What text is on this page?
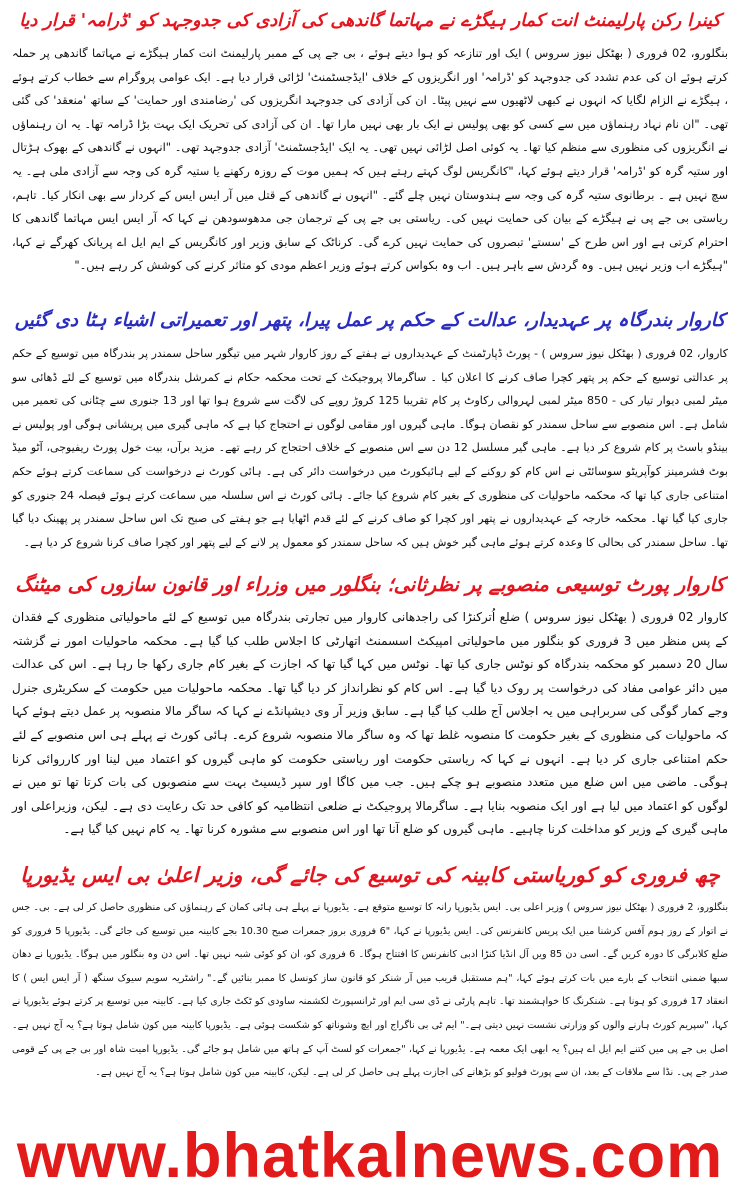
کینرا رکن پارلیمنٹ انت کمار ہیگڑے نے مہاتما گاندھی کی آزادی کی جدوجہد کو 'ڈرامہ' قرار دیا

بنگلورو، 02 فروری ( بھٹکل نیوز سروس ) ایک اور تنازعہ کو ہوا دیتے ہوئے ، بی جے پی کے ممبر پارلیمنٹ انت کمار ہیگڑے نے مہاتما گاندھی پر حملہ کرتے ہوئے ان کی عدم تشدد کی جدوجہد کو 'ڈرامہ' اور انگریزوں کے خلاف 'ایڈجسٹمنٹ' لڑائی قرار دیا ہے۔ ایک عوامی پروگرام سے خطاب کرتے ہوئے ، ہیگڑے نے الزام لگایا کہ انہوں نے کبھی لاٹھیوں سے نہیں پیٹا۔ ان کی آزادی کی جدوجہد انگریزوں کی 'رضامندی اور حمایت' کے ساتھ 'منعقد' کی گئی تھی۔ "ان نام نہاد رہنماؤں میں سے کسی کو بھی پولیس نے ایک بار بھی نہیں مارا تھا۔ ان کی آزادی کی تحریک ایک بہت بڑا ڈرامہ تھا۔ یہ ان رہنماؤں نے انگریزوں کی منظوری سے منظم کیا تھا۔ یہ کوئی اصل لڑائی نہیں تھی۔ یہ ایک 'ایڈجسٹمنٹ' آزادی جدوجہد تھی۔ "انہوں نے گاندھی کے بھوک ہڑتال اور ستیہ گرہ کو 'ڈرامہ' قرار دیتے ہوئے کہا، "کانگریس لوگ کہتے رہتے ہیں کہ ہمیں موت کے روزہ رکھنے یا ستیہ گرہ کی وجہ سے آزادی ملی ہے۔ یہ سچ نہیں ہے ۔ برطانوی ستیہ گرہ کی وجہ سے ہندوستان نہیں چلے گئے۔ "انہوں نے گاندھی کے قتل میں آر ایس ایس کے کردار سے بھی انکار کیا۔ تاہم، ریاستی بی جے پی نے ہیگڑے کے بیان کی حمایت نہیں کی۔ ریاستی بی جے پی کے ترجمان جی مدھوسودھن نے کہا کہ آر ایس ایس مہاتما گاندھی کا احترام کرتی ہے اور اس طرح کے 'سستے' تبصروں کی حمایت نہیں کرے گی۔ کرناٹک کے سابق وزیر اور کانگریس کے ایم ایل اے پریانک کھرگے نے کہا، "ہیگڑے اب وزیر نہیں ہیں۔ وہ گردش سے باہر ہیں۔ اب وہ بکواس کرتے ہوئے وزیر اعظم مودی کو متاثر کرنے کی کوشش کر رہے ہیں۔"

کاروار بندرگاہ پر عہدیدار، عدالت کے حکم پر عمل پیرا، پتھر اور تعمیراتی اشیاء ہٹا دی گئیں

کاروار، 02 فروری ( بھٹکل نیوز سروس ) - پورٹ ڈپارٹمنٹ کے عہدیداروں نے ہفتے کے روز کاروار شہر میں تیگور ساحل سمندر پر بندرگاہ میں توسیع کے حکم پر عدالتی توسیع کے حکم پر پتھر کچرا صاف کرنے کا اعلان کیا ۔ ساگرمالا پروجیکٹ کے تحت محکمہ حکام نے کمرشل بندرگاہ میں توسیع کے لئے ڈھائی سو میٹر لمبی دیوار تیار کی - 850 میٹر لمبی لہروالی رکاوٹ پر کام تقریبا 125 کروڑ روپے کی لاگت سے شروع ہوا تھا اور 13 جنوری سے چٹانی کی تعمیر میں شامل ہے۔ اس منصوبے سے ساحل سمندر کو نقصان ہوگا۔ ماہی گیروں اور مقامی لوگوں نے احتجاج کیا ہے کہ ماہی گیری میں پریشانی ہوگی اور پولیس نے بینڈو باسٹ پر کام شروع کر دیا ہے۔ ماہی گیر مسلسل 12 دن سے اس منصوبے کے خلاف احتجاج کر رہے تھے۔ مزید برآں، بیت خول پورٹ ریفیوجی، آٹو میڈ بوٹ فشرمینز کوآپریٹو سوسائٹی نے اس کام کو روکنے کے لیے ہائیکورٹ میں درخواست دائر کی ہے۔ ہائی کورٹ نے درخواست کی سماعت کرتے ہوئے حکم امتناعی جاری کیا تھا کہ محکمہ ماحولیات کی منظوری کے بغیر کام شروع کیا جائے۔ ہائی کورٹ نے اس سلسلہ میں سماعت کرتے ہوئے فیصلہ 24 جنوری کو جاری کیا گیا تھا۔ محکمہ خارجہ کے عہدیداروں نے پتھر اور کچرا کو صاف کرنے کے لئے قدم اٹھایا ہے جو ہفتے کی صبح تک اس ساحل سمندر پر پھینک دیا گیا تھا۔ ساحل سمندر کی بحالی کا وعدہ کرتے ہوئے ماہی گیر خوش ہیں کہ ساحل سمندر کو معمول پر لانے کے لیے پتھر اور کچرا صاف کرنا شروع کر دیا ہے۔

کاروار پورٹ توسیعی منصوبے پر نظرثانی؛ بنگلور میں وزراء اور قانون سازوں کی میٹنگ

کاروار 02 فروری ( بھٹکل نیوز سروس ) ضلع اُترکنڑا کی راجدھانی کاروار میں تجارتی بندرگاہ میں توسیع کے لئے ماحولیاتی منظوری کے فقدان کے پس منظر میں 3 فروری کو بنگلور میں ماحولیاتی امپیکٹ اسسمنٹ اتھارٹی کا اجلاس طلب کیا گیا ہے۔ محکمہ ماحولیات امور نے گزشتہ سال 20 دسمبر کو محکمہ بندرگاہ کو نوٹس جاری کیا تھا۔ نوٹس میں کہا گیا تھا کہ اجازت کے بغیر کام جاری رکھا جا رہا ہے۔ اس کی عدالت میں دائر عوامی مفاد کی درخواست پر روک دیا گیا ہے۔ اس کام کو نظرانداز کر دیا گیا تھا۔ محکمہ ماحولیات میں حکومت کے سکریٹری جنرل وجے کمار گوگی کی سربراہی میں یہ اجلاس آج طلب کیا گیا ہے۔ سابق وزیر آر وی دیشپانڈے نے کہا کہ ساگر مالا منصوبہ پر عمل دیتے ہوئے کہا کہ ماحولیات کی منظوری کے بغیر حکومت کا منصوبہ غلط تھا کہ وہ ساگر مالا منصوبہ شروع کرے۔ ہائی کورٹ نے پہلے ہی اس منصوبے کے لئے حکم امتناعی جاری کر دیا ہے۔ انہوں نے کہا کہ ریاستی حکومت اور ریاستی حکومت کو ماہی گیروں کو اعتماد میں لینا اور کارروائی کرنا ہوگی۔ ماضی میں اس ضلع میں متعدد منصوبے ہو چکے ہیں۔ جب میں کاگا اور سپر ڈیسیٹ بہت سے منصوبوں کی بات کرتا تھا تو میں نے لوگوں کو اعتماد میں لیا ہے اور ایک منصوبہ بنایا ہے۔ ساگرمالا پروجیکٹ نے ضلعی انتظامیہ کو کافی حد تک رعایت دی ہے۔ لیکن، وزیراعلی اور ماہی گیری کے وزیر کو مداخلت کرنا چاہیے۔ ماہی گیروں کو ضلع آنا تھا اور اس منصوبے سے مشورہ کرنا تھا۔ یہ کام نہیں کیا گیا ہے۔

چھ فروری کو کوریاستی کابینہ کی توسیع کی جائے گی، وزیر اعلیٰ بی ایس یڈیورپا

بنگلورو، 2 فروری ( بھٹکل نیوز سروس ) وزیر اعلی بی۔ ایس یڈیورپا رانہ کا توسیع متوقع ہے۔ یڈیورپا نے پہلے ہی ہائی کمان کے رہنماؤں کی منظوری حاصل کر لی ہے۔ بی۔ جس نے اتوار کے روز ہوم آفس کرشنا میں ایک پریس کانفرنس کی۔ ایس یڈیورپا نے کہا، "6 فروری بروز جمعرات صبح 10.30 بجے کابینہ میں توسیع کی جائے گی۔ یڈیورپا 5 فروری کو ضلع کلابرگی کا دورہ کریں گے۔ اسی دن 85 ویں آل انڈیا کنڑا ادبی کانفرنس کا افتتاح ہوگا۔ 6 فروری کو، ان کو کوئی شبہ نہیں تھا۔ اس دن وہ بنگلور میں ہوگا۔ یڈیورپا نے دھان سبھا ضمنی انتخاب کے بارے میں بات کرتے ہوئے کہا، "ہم مستقبل قریب میں آر شنکر کو قانون ساز کونسل کا ممبر بنائیں گے۔" راشٹریہ سویم سیوک سنگھ ( آر ایس ایس ) کا انعقاد 17 فروری کو ہونا ہے۔ شنکرنگ کا خواہشمند تھا۔ تاہم پارٹی نے ڈی سی ایم اور ٹرانسپورٹ لکشمنہ ساودی کو ٹکٹ جاری کیا ہے۔ کابینہ میں توسیع پر کرتے ہوئے یڈیورپا نے کہا، "سپریم کورٹ ہارنے والوں کو وزارتی نشست نہیں دیتی ہے۔" ایم ٹی بی ناگراج اور ایچ وشوناتھ کو شکست ہوئی ہے۔ یڈیورپا کابینہ میں کون شامل ہوتا ہے؟ یہ آج نہیں ہے۔ اصل بی جے پی میں کتنے ایم ایل اے ہیں؟ یہ ابھی ایک معمہ ہے۔ یڈیورپا نے کہا، "جمعرات کو لسٹ آپ کے ہاتھ میں شامل ہو جائے گی۔ یڈیورپا امیت شاہ اور بی جے پی کے قومی صدر جے پی۔ نڈا سے ملاقات کے بعد، ان سے پورٹ فولیو کو بڑھانے کی اجازت پہلے ہی حاصل کر لی ہے۔ لیکن، کابینہ میں کون شامل ہوتا ہے؟ یہ آج نہیں ہے۔

www.bhatkalnews.com
